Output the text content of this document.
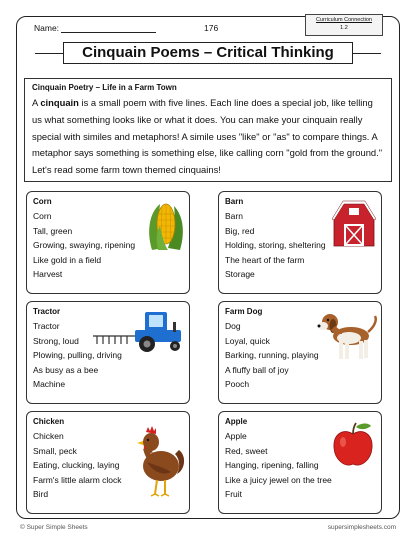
Name:	176
Curriculum Connection
1.2
Cinquain Poems – Critical Thinking
Cinquain Poetry – Life in a Farm Town
A cinquain is a small poem with five lines. Each line does a special job, like telling us what something looks like or what it does. You can make your cinquain really special with similes and metaphors! A simile uses "like" or "as" to compare things. A metaphor says something is something else, like calling corn "gold from the ground." Let's read some farm town themed cinquains!
Corn
Corn
Tall, green
Growing, swaying, ripening
Like gold in a field
Harvest
Barn
Barn
Big, red
Holding, storing, sheltering
The heart of the farm
Storage
Tractor
Tractor
Strong, loud
Plowing, pulling, driving
As busy as a bee
Machine
Farm Dog
Dog
Loyal, quick
Barking, running, playing
A fluffy ball of joy
Pooch
Chicken
Chicken
Small, peck
Eating, clucking, laying
Farm's little alarm clock
Bird
Apple
Apple
Red, sweet
Hanging, ripening, falling
Like a juicy jewel on the tree
Fruit
© Super Simple Sheets	supersimplesheets.com
